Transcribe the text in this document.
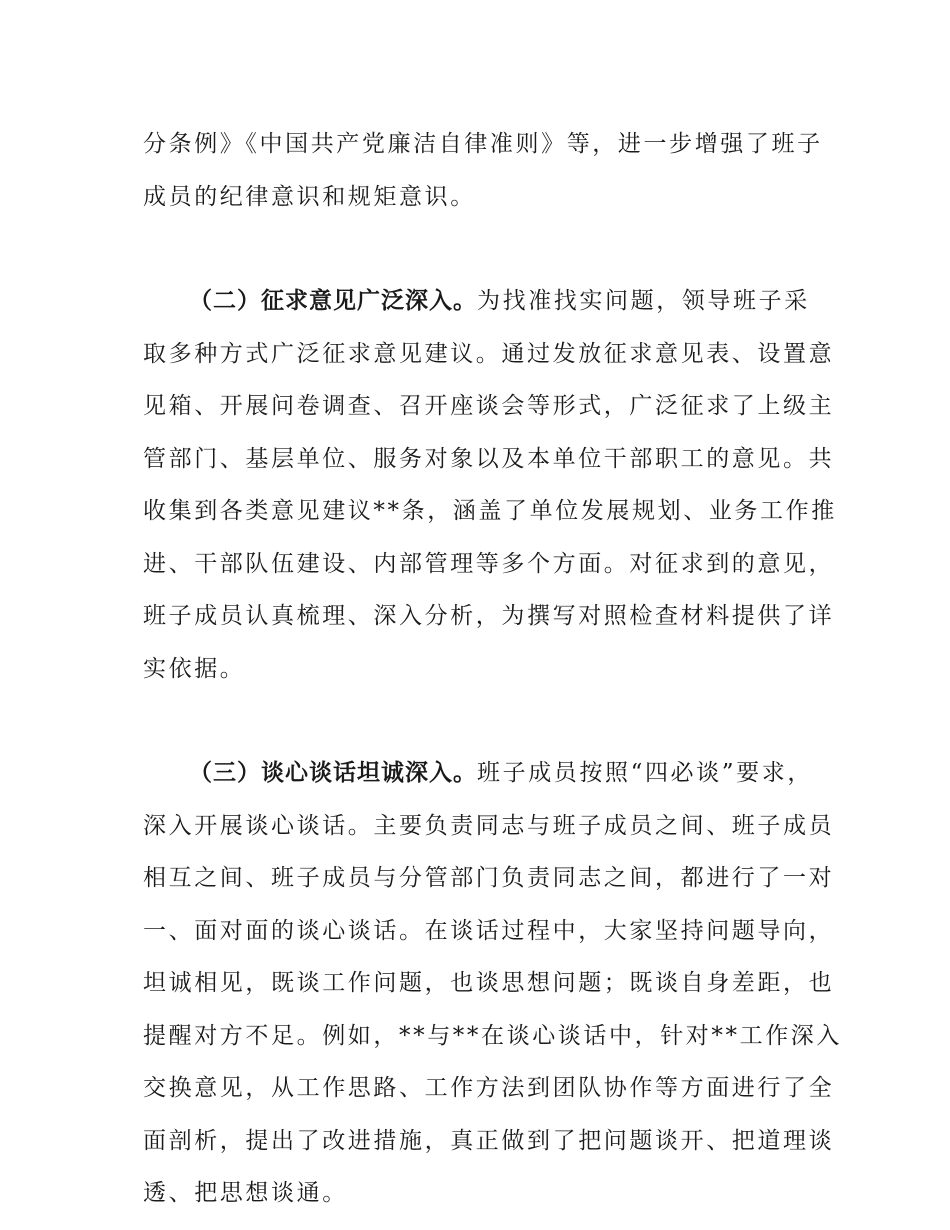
分条例》《中国共产党廉洁自律准则》等，进一步增强了班子
成员的纪律意识和规矩意识。
（二）征求意见广泛深入。为找准找实问题，领导班子采
取多种方式广泛征求意见建议。通过发放征求意见表、设置意
见箱、开展问卷调查、召开座谈会等形式，广泛征求了上级主
管部门、基层单位、服务对象以及本单位干部职工的意见。共
收集到各类意见建议**条，涵盖了单位发展规划、业务工作推
进、干部队伍建设、内部管理等多个方面。对征求到的意见，
班子成员认真梳理、深入分析，为撰写对照检查材料提供了详
实依据。
（三）谈心谈话坦诚深入。班子成员按照“四必谈”要求，
深入开展谈心谈话。主要负责同志与班子成员之间、班子成员
相互之间、班子成员与分管部门负责同志之间，都进行了一对
一、面对面的谈心谈话。在谈话过程中，大家坚持问题导向，
坦诚相见，既谈工作问题，也谈思想问题；既谈自身差距，也
提醒对方不足。例如，**与**在谈心谈话中，针对**工作深入
交换意见，从工作思路、工作方法到团队协作等方面进行了全
面剖析，提出了改进措施，真正做到了把问题谈开、把道理谈
透、把思想谈通。
